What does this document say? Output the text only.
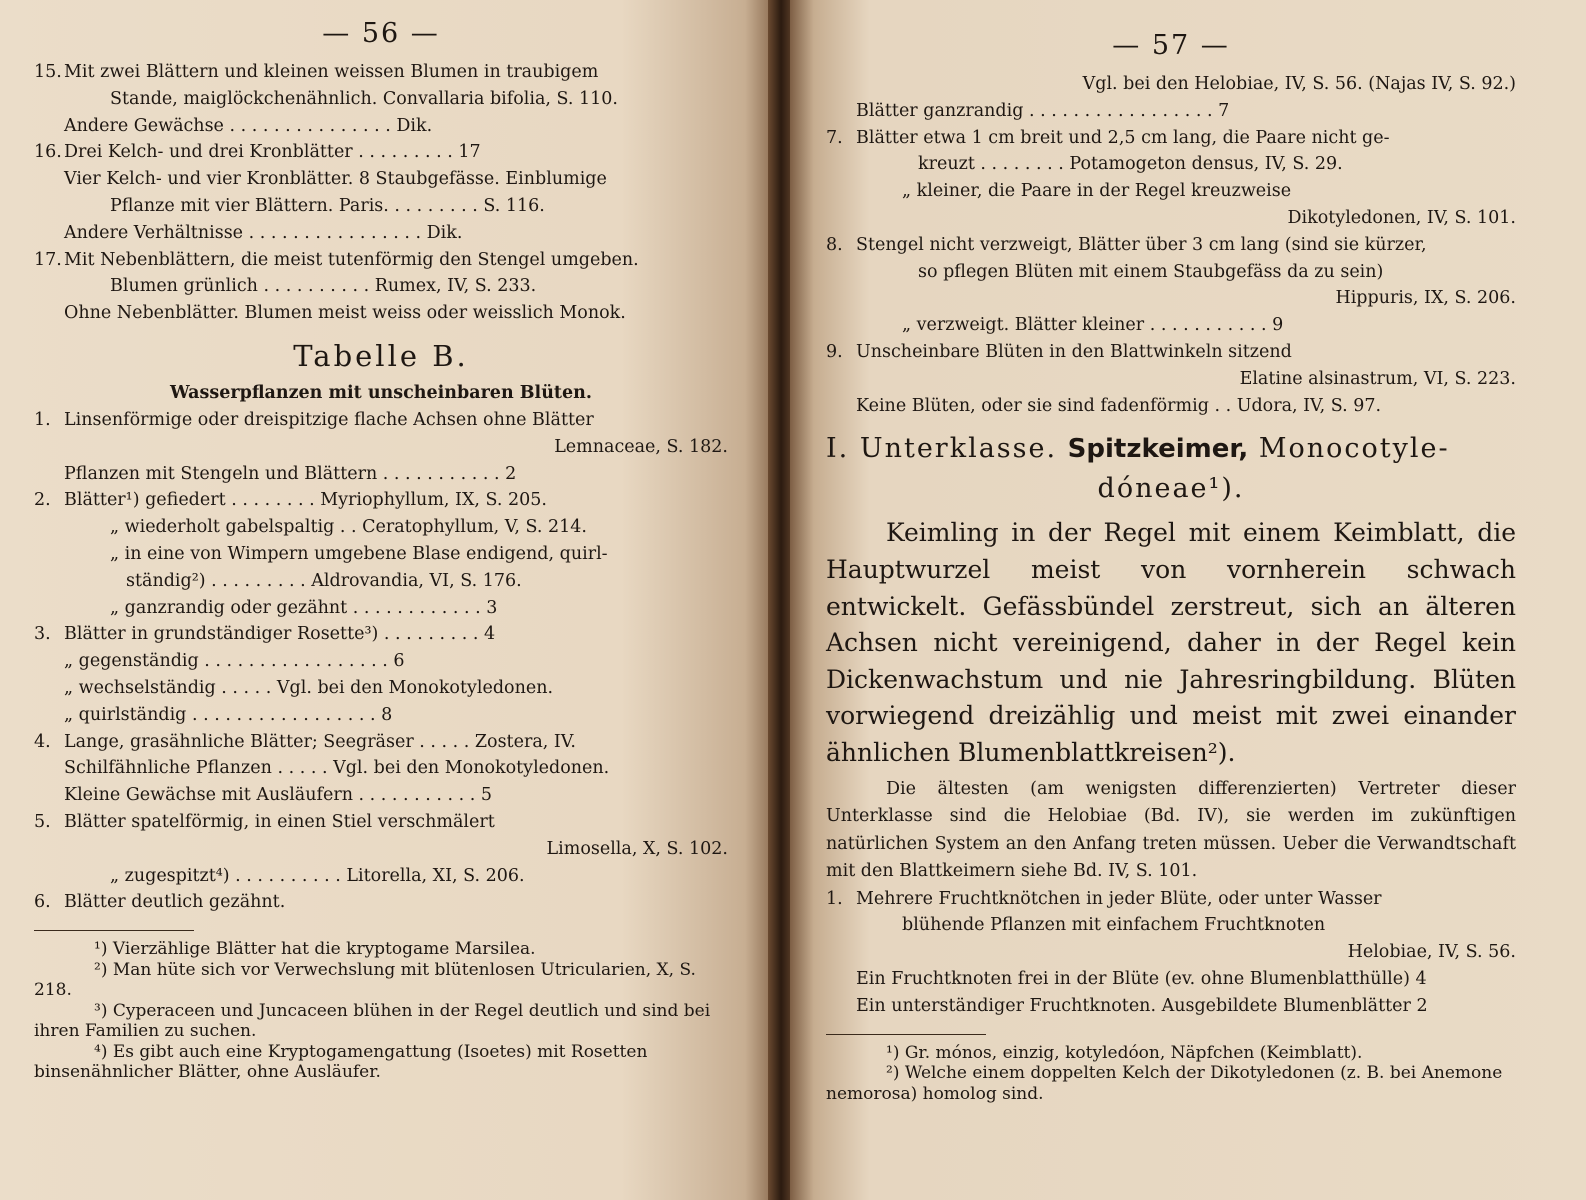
— 56 —
15. Mit zwei Blättern und kleinen weissen Blumen in traubigem
Stande, maiglöckchenähnlich. Convallaria bifolia, S. 110.
Andere Gewächse . . . . . . . . . . . . . . . Dik.
16. Drei Kelch- und drei Kronblätter . . . . . . . . . 17
Vier Kelch- und vier Kronblätter. 8 Staubgefässe. Einblumige
Pflanze mit vier Blättern. Paris. . . . . . . . . S. 116.
Andere Verhältnisse . . . . . . . . . . . . . . . . Dik.
17. Mit Nebenblättern, die meist tutenförmig den Stengel umgeben.
Blumen grünlich . . . . . . . . . . Rumex, IV, S. 233.
Ohne Nebenblätter. Blumen meist weiss oder weisslich Monok.
Tabelle B.
Wasserpflanzen mit unscheinbaren Blüten.
1. Linsenförmige oder dreispitzige flache Achsen ohne Blätter
Lemnaceae, S. 182.
Pflanzen mit Stengeln und Blättern . . . . . . . . . . . 2
2. Blätter¹) gefiedert . . . . . . . . Myriophyllum, IX, S. 205.
„ wiederholt gabelspaltig . . Ceratophyllum, V, S. 214.
„ in eine von Wimpern umgebene Blase endigend, quirl-
ständig²) . . . . . . . . . Aldrovandia, VI, S. 176.
„ ganzrandig oder gezähnt . . . . . . . . . . . . 3
3. Blätter in grundständiger Rosette³) . . . . . . . . . 4
„ gegenständig . . . . . . . . . . . . . . . . . 6
„ wechselständig . . . . . Vgl. bei den Monokotyledonen.
„ quirlständig . . . . . . . . . . . . . . . . . 8
4. Lange, grasähnliche Blätter; Seegräser . . . . . Zostera, IV.
Schilfähnliche Pflanzen . . . . . Vgl. bei den Monokotyledonen.
Kleine Gewächse mit Ausläufern . . . . . . . . . . . 5
5. Blätter spatelförmig, in einen Stiel verschmälert
Limosella, X, S. 102.
„ zugespitzt⁴) . . . . . . . . . . Litorella, XI, S. 206.
6. Blätter deutlich gezähnt.
¹) Vierzählige Blätter hat die kryptogame Marsilea.
²) Man hüte sich vor Verwechslung mit blütenlosen Utricularien, X, S. 218.
³) Cyperaceen und Juncaceen blühen in der Regel deutlich und sind bei ihren Familien zu suchen.
⁴) Es gibt auch eine Kryptogamengattung (Isoetes) mit Rosetten binsenähnlicher Blätter, ohne Ausläufer.
— 57 —
Vgl. bei den Helobiae, IV, S. 56. (Najas IV, S. 92.)
Blätter ganzrandig . . . . . . . . . . . . . . . . . 7
7. Blätter etwa 1 cm breit und 2,5 cm lang, die Paare nicht ge-
kreuzt . . . . . . . . Potamogeton densus, IV, S. 29.
„ kleiner, die Paare in der Regel kreuzweise
Dikotyledonen, IV, S. 101.
8. Stengel nicht verzweigt, Blätter über 3 cm lang (sind sie kürzer,
so pflegen Blüten mit einem Staubgefäss da zu sein)
Hippuris, IX, S. 206.
„ verzweigt. Blätter kleiner . . . . . . . . . . . 9
9. Unscheinbare Blüten in den Blattwinkeln sitzend
Elatine alsinastrum, VI, S. 223.
Keine Blüten, oder sie sind fadenförmig . . Udora, IV, S. 97.
I. Unterklasse. Spitzkeimer, Monocotyle-
dóneae¹).
Keimling in der Regel mit einem Keimblatt, die Hauptwurzel meist von vornherein schwach entwickelt. Gefässbündel zerstreut, sich an älteren Achsen nicht vereinigend, daher in der Regel kein Dickenwachstum und nie Jahresringbildung. Blüten vorwiegend dreizählig und meist mit zwei einander ähnlichen Blumenblattkreisen²).
Die ältesten (am wenigsten differenzierten) Vertreter dieser Unterklasse sind die Helobiae (Bd. IV), sie werden im zukünftigen natürlichen System an den Anfang treten müssen. Ueber die Verwandtschaft mit den Blattkeimern siehe Bd. IV, S. 101.
1. Mehrere Fruchtknötchen in jeder Blüte, oder unter Wasser
blühende Pflanzen mit einfachem Fruchtknoten
Helobiae, IV, S. 56.
Ein Fruchtknoten frei in der Blüte (ev. ohne Blumenblatthülle) 4
Ein unterständiger Fruchtknoten. Ausgebildete Blumenblätter 2
¹) Gr. mónos, einzig, kotyledóon, Näpfchen (Keimblatt).
²) Welche einem doppelten Kelch der Dikotyledonen (z. B. bei Anemone nemorosa) homolog sind.
